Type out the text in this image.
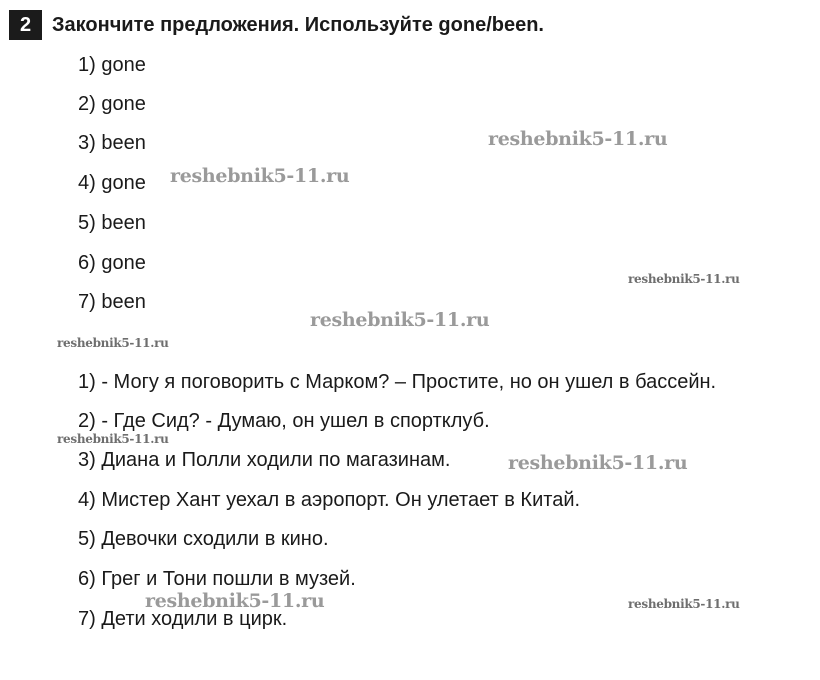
2	Закончите предложения. Используйте gone/been.
1) gone
2) gone
3) been
4) gone
5) been
6) gone
7) been
1) - Могу я поговорить с Марком? – Простите, но он ушел в бассейн.
2) - Где Сид? - Думаю, он ушел в спортклуб.
3) Диана и Полли ходили по магазинам.
4) Мистер Хант уехал в аэропорт. Он улетает в Китай.
5) Девочки сходили в кино.
6) Грег и Тони пошли в музей.
7) Дети ходили в цирк.
reshebnik5-11.ru
reshebnik5-11.ru
reshebnik5-11.ru
reshebnik5-11.ru
reshebnik5-11.ru
reshebnik5-11.ru
reshebnik5-11.ru
reshebnik5-11.ru	reshebnik5-11.ru
